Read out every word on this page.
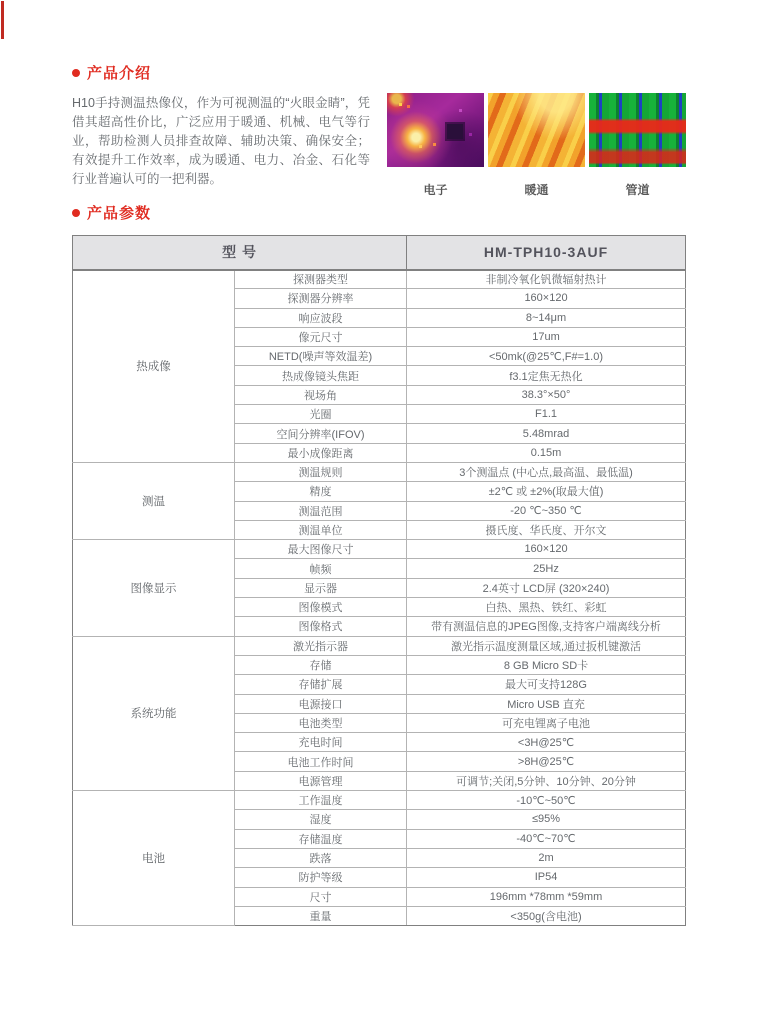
产品介绍
H10手持测温热像仪，作为可视测温的“火眼金睛”，凭借其超高性价比，广泛应用于暖通、机械、电气等行业，帮助检测人员排查故障、辅助决策、确保安全；有效提升工作效率，成为暖通、电力、冶金、石化等行业普遍认可的一把利器。
电子	暖通	管道
产品参数
型 号		HM-TPH10-3AUF
热成像	探测器类型	非制冷氧化钒微辐射热计
	探测器分辨率	160×120
	响应波段	8~14μm
	像元尺寸	17um
	NETD(噪声等效温差)	<50mk(@25℃,F#=1.0)
	热成像镜头焦距	f3.1定焦无热化
	视场角	38.3°×50°
	光圈	F1.1
	空间分辨率(IFOV)	5.48mrad
	最小成像距离	0.15m
测温	测温规则	3个测温点 (中心点,最高温、最低温)
	精度	±2℃ 或 ±2%(取最大值)
	测温范围	-20 ℃~350 ℃
	测温单位	摄氏度、华氏度、开尔文
图像显示	最大图像尺寸	160×120
	帧频	25Hz
	显示器	2.4英寸 LCD屏 (320×240)
	图像模式	白热、黑热、铁红、彩虹
	图像格式	带有测温信息的JPEG图像,支持客户端离线分析
系统功能	激光指示器	激光指示温度测量区域,通过扳机键激活
	存储	8 GB Micro SD卡
	存储扩展	最大可支持128G
	电源接口	Micro USB 直充
	电池类型	可充电锂离子电池
	充电时间	<3H@25℃
	电池工作时间	>8H@25℃
	电源管理	可调节;关闭,5分钟、10分钟、20分钟
电池	工作温度	-10℃~50℃
	湿度	≤95%
	存储温度	-40℃~70℃
	跌落	2m
	防护等级	IP54
	尺寸	196mm *78mm *59mm
	重量	<350g(含电池)
